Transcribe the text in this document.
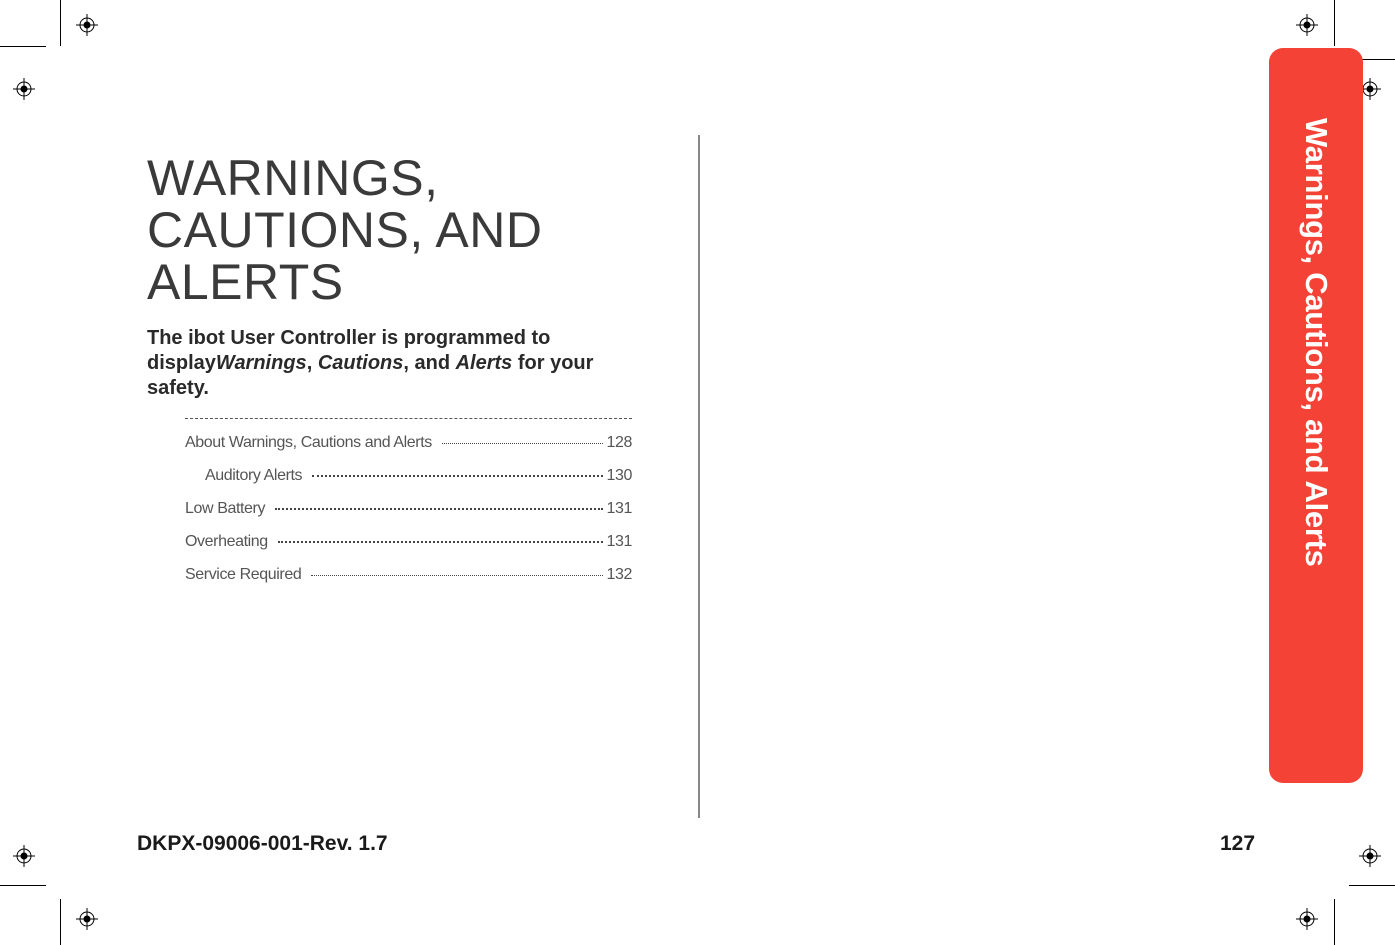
WARNINGS,
CAUTIONS, AND
ALERTS

The ibot User Controller is programmed to displayWarnings, Cautions, and Alerts for your safety.

About Warnings, Cautions and Alerts	128
Auditory Alerts	130
Low Battery	131
Overheating	131
Service Required	132
Warnings, Cautions, and Alerts
DKPX-09006-001-Rev. 1.7	127
